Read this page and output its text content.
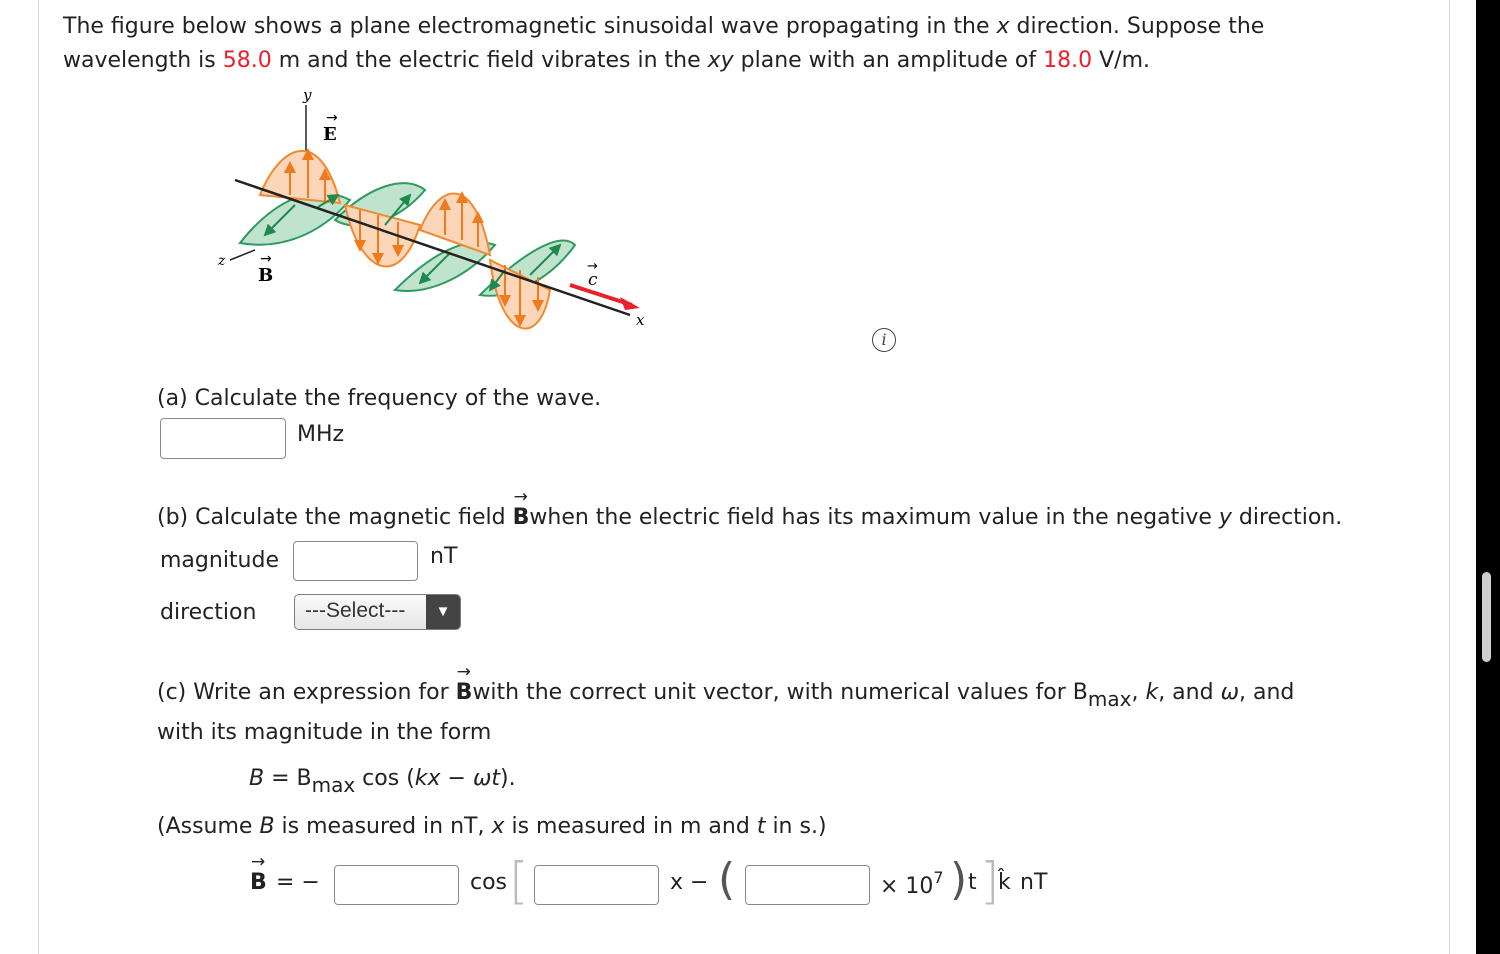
The figure below shows a plane electromagnetic sinusoidal wave propagating in the x direction. Suppose the
wavelength is 58.0 m and the electric field vibrates in the xy plane with an amplitude of 18.0 V/m.
y
E
→
z
B
→
c
→
x
i
(a) Calculate the frequency of the wave.
MHz
(b) Calculate the magnetic field
→
Bwhen the electric field has its maximum value in the negative y direction.
magnitude	nT
direction ---Select---	▼
(c) Write an expression for
→
Bwith the correct unit vector, with numerical values for $B_{max}$, k, and ω, and
with its magnitude in the form
$B = B_{max}$ cos (kx − ωt).
(Assume B is measured in nT, x is measured in m and t in s.)
→
B = −	cos [	x − (	× $10^7$ ) t ]
k̂ nT
